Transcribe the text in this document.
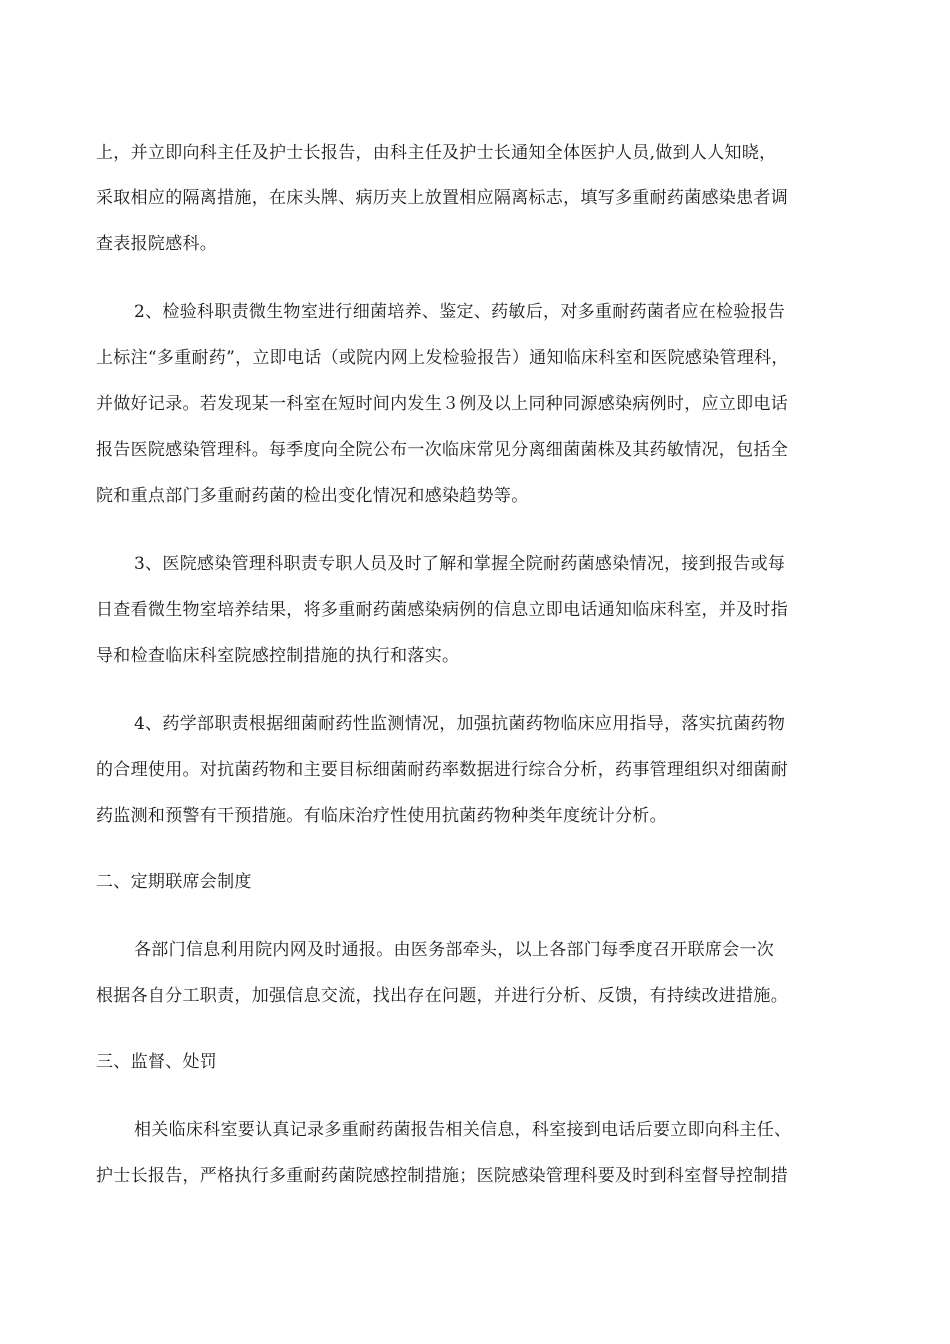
上，并立即向科主任及护士长报告，由科主任及护士长通知全体医护人员,做到人人知晓，
采取相应的隔离措施，在床头牌、病历夹上放置相应隔离标志，填写多重耐药菌感染患者调
查表报院感科。
2、检验科职责微生物室进行细菌培养、鉴定、药敏后，对多重耐药菌者应在检验报告
上标注“多重耐药”，立即电话（或院内网上发检验报告）通知临床科室和医院感染管理科，
并做好记录。若发现某一科室在短时间内发生３例及以上同种同源感染病例时，应立即电话
报告医院感染管理科。每季度向全院公布一次临床常见分离细菌菌株及其药敏情况，包括全
院和重点部门多重耐药菌的检出变化情况和感染趋势等。
3、医院感染管理科职责专职人员及时了解和掌握全院耐药菌感染情况，接到报告或每
日查看微生物室培养结果，将多重耐药菌感染病例的信息立即电话通知临床科室，并及时指
导和检查临床科室院感控制措施的执行和落实。
4、药学部职责根据细菌耐药性监测情况，加强抗菌药物临床应用指导，落实抗菌药物
的合理使用。对抗菌药物和主要目标细菌耐药率数据进行综合分析，药事管理组织对细菌耐
药监测和预警有干预措施。有临床治疗性使用抗菌药物种类年度统计分析。
二、定期联席会制度
各部门信息利用院内网及时通报。由医务部牵头，以上各部门每季度召开联席会一次
根据各自分工职责，加强信息交流，找出存在问题，并进行分析、反馈，有持续改进措施。
三、监督、处罚
相关临床科室要认真记录多重耐药菌报告相关信息，科室接到电话后要立即向科主任、
护士长报告，严格执行多重耐药菌院感控制措施；医院感染管理科要及时到科室督导控制措
